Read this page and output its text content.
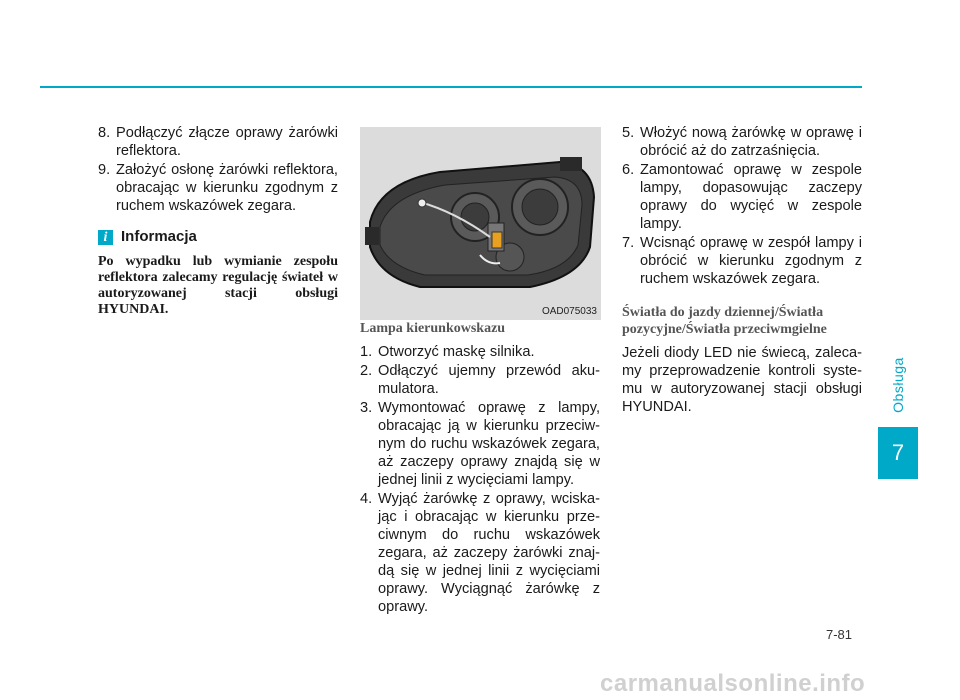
8. Podłączyć złącze oprawy żarówki reflektora.
9. Założyć osłonę żarówki reflektora, obracając w kierunku zgodnym z ruchem wskazówek zegara.
i Informacja
Po wypadku lub wymianie zespołu reflektora zalecamy regulację świateł w autoryzowanej stacji obsługi HYUNDAI.	OAD075033
Lampa kierunkowskazu
1. Otworzyć maskę silnika.
2. Odłączyć ujemny przewód aku-mulatora.
3. Wymontować oprawę z lampy, obracając ją w kierunku przeciw-nym do ruchu wskazówek zegara, aż zaczepy oprawy znajdą się w jednej linii z wycięciami lampy.
4. Wyjąć żarówkę z oprawy, wciska-jąc i obracając w kierunku prze-ciwnym do ruchu wskazówek zegara, aż zaczepy żarówki znaj-dą się w jednej linii z wycięciami oprawy. Wyciągnąć żarówkę z oprawy.
5. Włożyć nową żarówkę w oprawę i obrócić aż do zatrzaśnięcia.
6. Zamontować oprawę w zespole lampy, dopasowując zaczepy oprawy do wycięć w zespole lampy.
7. Wcisnąć oprawę w zespół lampy i obrócić w kierunku zgodnym z ruchem wskazówek zegara.
Światła do jazdy dziennej/Światła pozycyjne/Światła przeciwmgielne
Jeżeli diody LED nie świecą, zaleca-my przeprowadzenie kontroli syste-mu w autoryzowanej stacji obsługi HYUNDAI.	Obsługa
7
7-81
carmanualsonline.info
